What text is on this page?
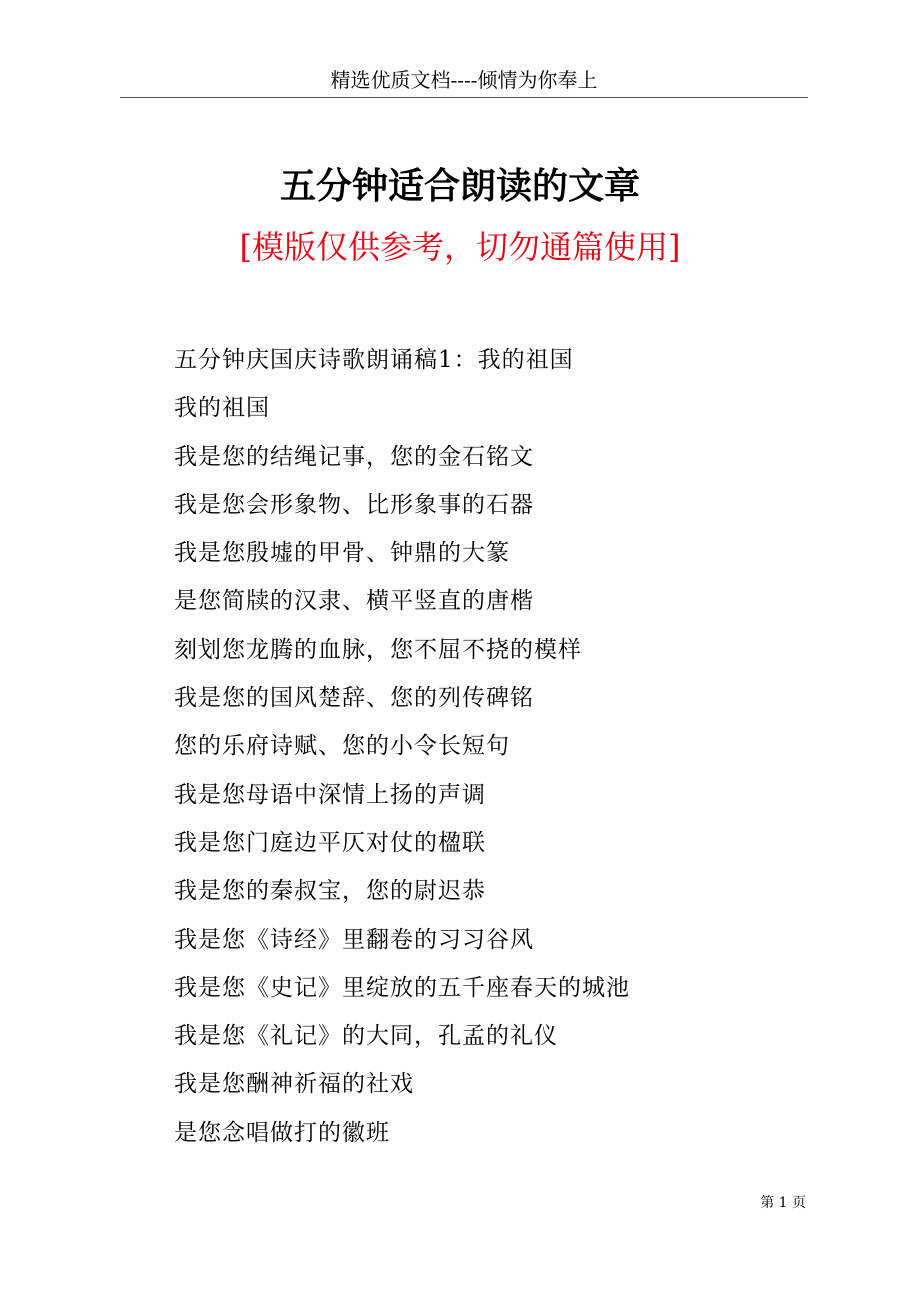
精选优质文档----倾情为你奉上
五分钟适合朗读的文章
[模版仅供参考，切勿通篇使用]
五分钟庆国庆诗歌朗诵稿1：我的祖国
我的祖国
我是您的结绳记事，您的金石铭文
我是您会形象物、比形象事的石器
我是您殷墟的甲骨、钟鼎的大篆
是您简牍的汉隶、横平竖直的唐楷
刻划您龙腾的血脉，您不屈不挠的模样
我是您的国风楚辞、您的列传碑铭
您的乐府诗赋、您的小令长短句
我是您母语中深情上扬的声调
我是您门庭边平仄对仗的楹联
我是您的秦叔宝，您的尉迟恭
我是您《诗经》里翻卷的习习谷风
我是您《史记》里绽放的五千座春天的城池
我是您《礼记》的大同，孔孟的礼仪
我是您酬神祈福的社戏
是您念唱做打的徽班
第 1 页
